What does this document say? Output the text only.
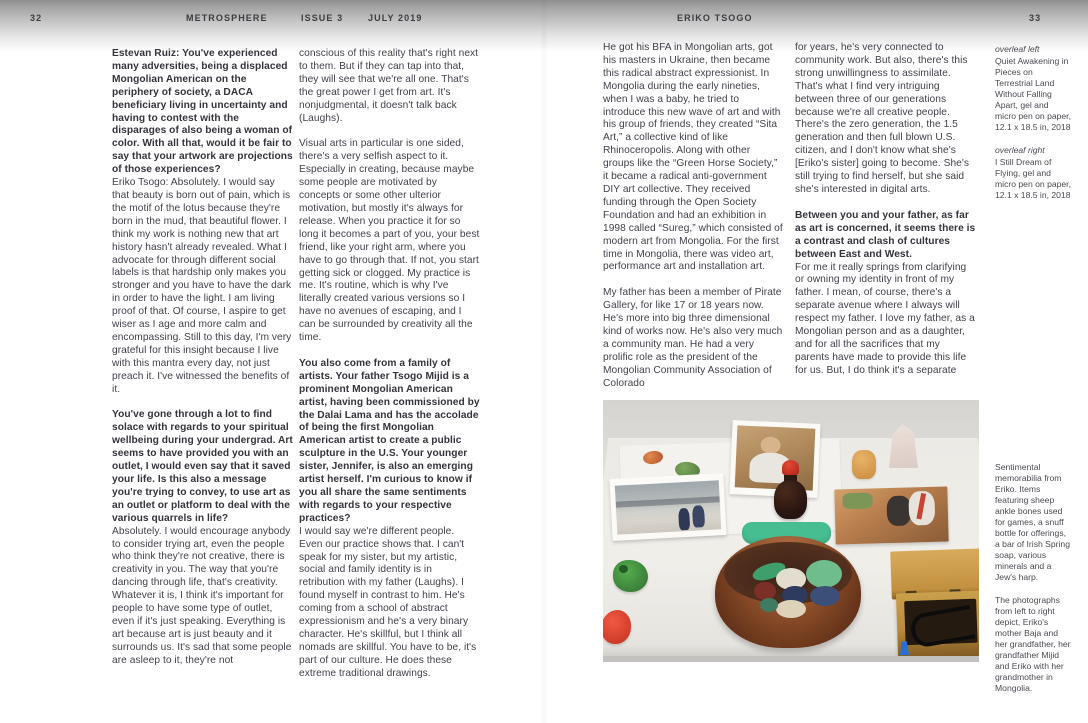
32	METROSPHERE	ISSUE 3	JULY 2019	ERIKO TSOGO	33

Estevan Ruiz: You've experienced many adversities, being a displaced Mongolian American on the periphery of society, a DACA beneficiary living in uncertainty and having to contest with the disparages of also being a woman of color. With all that, would it be fair to say that your artwork are projections of those experiences?

Eriko Tsogo: Absolutely. I would say that beauty is born out of pain, which is the motif of the lotus because they're born in the mud, that beautiful flower. I think my work is nothing new that art history hasn't already revealed. What I advocate for through different social labels is that hardship only makes you stronger and you have to have the dark in order to have the light. I am living proof of that. Of course, I aspire to get wiser as I age and more calm and encompassing. Still to this day, I'm very grateful for this insight because I live with this mantra every day, not just preach it. I've witnessed the benefits of it.

You've gone through a lot to find solace with regards to your spiritual wellbeing during your undergrad. Art seems to have provided you with an outlet, I would even say that it saved your life. Is this also a message you're trying to convey, to use art as an outlet or platform to deal with the various quarrels in life?

Absolutely. I would encourage anybody to consider trying art, even the people who think they're not creative, there is creativity in you. The way that you're dancing through life, that's creativity. Whatever it is, I think it's important for people to have some type of outlet, even if it's just speaking. Everything is art because art is just beauty and it surrounds us. It's sad that some people are asleep to it, they're not

conscious of this reality that's right next to them. But if they can tap into that, they will see that we're all one. That's the great power I get from art. It's nonjudgmental, it doesn't talk back (Laughs).

Visual arts in particular is one sided, there's a very selfish aspect to it. Especially in creating, because maybe some people are motivated by concepts or some other ulterior motivation, but mostly it's always for release. When you practice it for so long it becomes a part of you, your best friend, like your right arm, where you have to go through that. If not, you start getting sick or clogged. My practice is me. It's routine, which is why I've literally created various versions so I have no avenues of escaping, and I can be surrounded by creativity all the time.

You also come from a family of artists. Your father Tsogo Mijid is a prominent Mongolian American artist, having been commissioned by the Dalai Lama and has the accolade of being the first Mongolian American artist to create a public sculpture in the U.S. Your younger sister, Jennifer, is also an emerging artist herself. I'm curious to know if you all share the same sentiments with regards to your respective practices?

I would say we're different people. Even our practice shows that. I can't speak for my sister, but my artistic, social and family identity is in retribution with my father (Laughs). I found myself in contrast to him. He's coming from a school of abstract expressionism and he's a very binary character. He's skillful, but I think all nomads are skillful. You have to be, it's part of our culture. He does these extreme traditional drawings.

He got his BFA in Mongolian arts, got his masters in Ukraine, then became this radical abstract expressionist. In Mongolia during the early nineties, when I was a baby, he tried to introduce this new wave of art and with his group of friends, they created “Sita Art,” a collective kind of like Rhinoceropolis. Along with other groups like the “Green Horse Society,” it became a radical anti-government DIY art collective. They received funding through the Open Society Foundation and had an exhibition in 1998 called “Sureg,” which consisted of modern art from Mongolia. For the first time in Mongolia, there was video art, performance art and installation art.

My father has been a member of Pirate Gallery, for like 17 or 18 years now. He's more into big three dimensional kind of works now. He's also very much a community man. He had a very prolific role as the president of the Mongolian Community Association of Colorado

for years, he's very connected to community work. But also, there's this strong unwillingness to assimilate. That's what I find very intriguing between three of our generations because we're all creative people. There's the zero generation, the 1.5 generation and then full blown U.S. citizen, and I don't know what she's [Eriko's sister] going to become. She's still trying to find herself, but she said she's interested in digital arts.

Between you and your father, as far as art is concerned, it seems there is a contrast and clash of cultures between East and West.

For me it really springs from clarifying or owning my identity in front of my father. I mean, of course, there's a separate avenue where I always will respect my father. I love my father, as a Mongolian person and as a daughter, and for all the sacrifices that my parents have made to provide this life for us. But, I do think it's a separate

overleaf left

Quiet Awakening in Pieces on Terrestrial Land Without Falling Apart, gel and micro pen on paper, 12.1 x 18.5 in, 2018

overleaf right

I Still Dream of Flying, gel and micro pen on paper, 12.1 x 18.5 in, 2018

Sentimental memorabilia from Eriko. Items featuring sheep ankle bones used for games, a snuff bottle for offerings, a bar of Irish Spring soap, various minerals and a Jew's harp.

The photographs from left to right depict, Eriko's mother Baja and her grandfather, her grandfather Mijid and Eriko with her grandmother in Mongolia.
